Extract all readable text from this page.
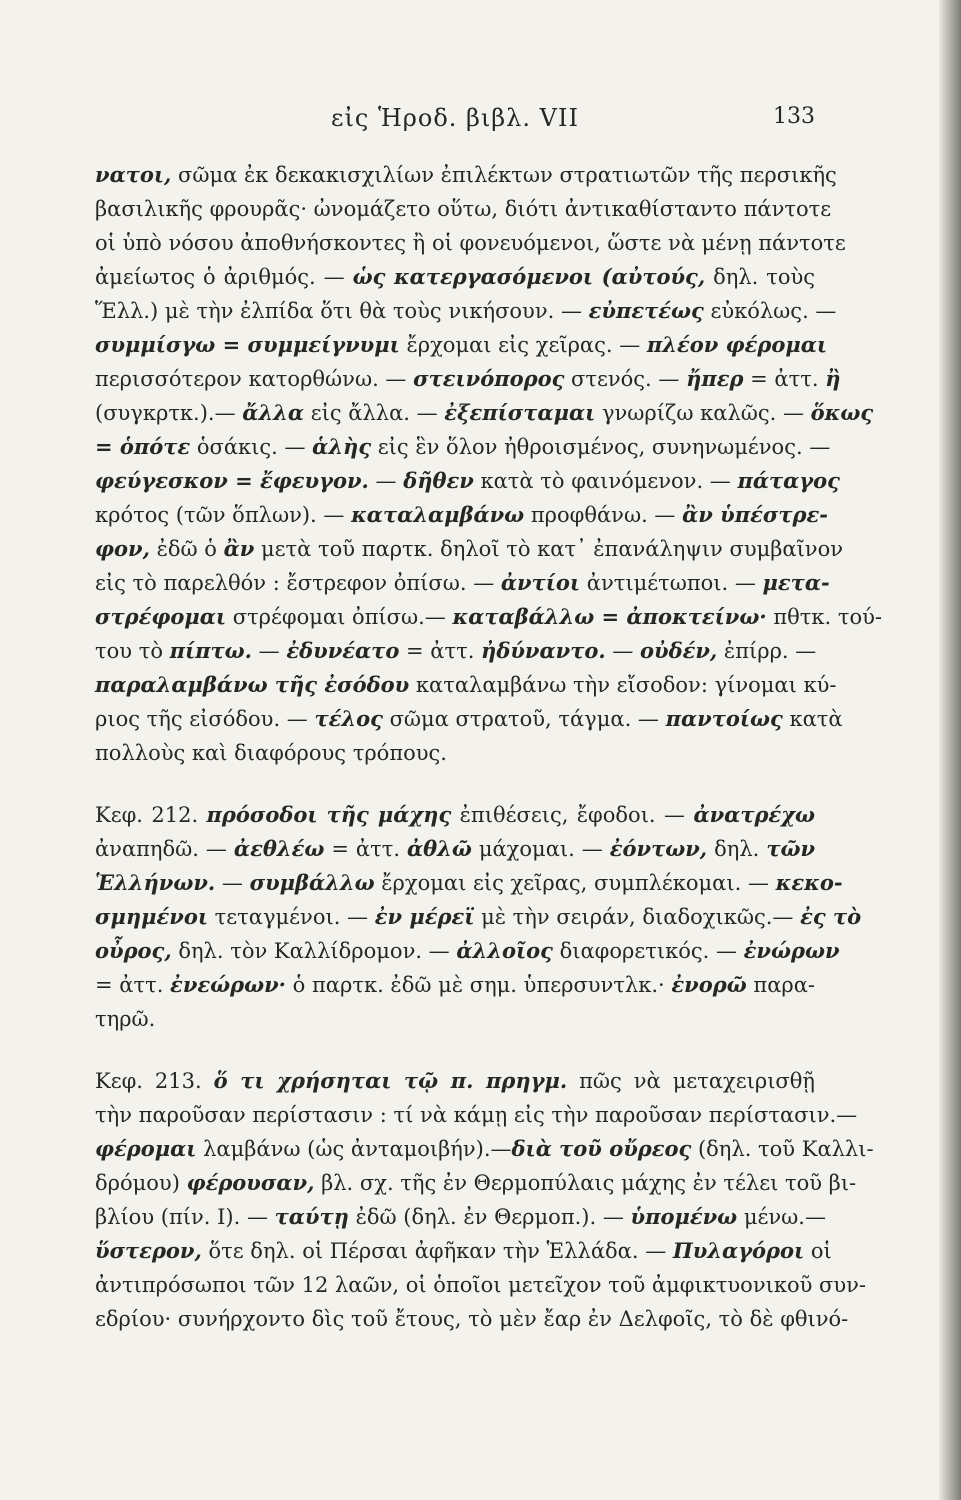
εἰς Ἡροδ. βιβλ. VII	133
νατοι, σῶμα ἐκ δεκακισχιλίων ἐπιλέκτων στρατιωτῶν τῆς περσικῆς
βασιλικῆς φρουρᾶς· ὠνομάζετο οὕτω, διότι ἀντικαθίσταντο πάντοτε
οἱ ὑπὸ νόσου ἀποθνήσκοντες ἢ οἱ φονευόμενοι, ὥστε νὰ μένῃ πάντοτε
ἀμείωτος ὁ ἀριθμός. — ὡς κατεργασόμενοι (αὐτούς, δηλ. τοὺς
Ἕλλ.) μὲ τὴν ἐλπίδα ὅτι θὰ τοὺς νικήσουν. — εὐπετέως εὐκόλως. —
συμμίσγω = συμμείγνυμι ἔρχομαι εἰς χεῖρας. — πλέον φέρομαι
περισσότερον κατορθώνω. — στεινόπορος στενός. — ἤπερ = ἀττ. ἢ
(συγκρτκ.).— ἄλλα εἰς ἄλλα. — ἐξεπίσταμαι γνωρίζω καλῶς. — ὅκως
= ὁπότε ὁσάκις. — ἁλὴς εἰς ἓν ὅλον ἠθροισμένος, συνηνωμένος. —
φεύγεσκον = ἔφευγον. — δῆθεν κατὰ τὸ φαινόμενον. — πάταγος
κρότος (τῶν ὅπλων). — καταλαμβάνω προφθάνω. — ἂν ὑπέστρε-
φον, ἐδῶ ὁ ἂν μετὰ τοῦ παρτκ. δηλοῖ τὸ κατ᾽ ἐπανάληψιν συμβαῖνον
εἰς τὸ παρελθόν : ἔστρεφον ὀπίσω. — ἀντίοι ἀντιμέτωποι. — μετα-
στρέφομαι στρέφομαι ὀπίσω.— καταβάλλω = ἀποκτείνω· πθτκ. τού-
του τὸ πίπτω. — ἐδυνέατο = ἀττ. ἠδύναντο. — οὐδέν, ἐπίρρ. —
παραλαμβάνω τῆς ἐσόδου καταλαμβάνω τὴν εἴσοδον: γίνομαι κύ-
ριος τῆς εἰσόδου. — τέλος σῶμα στρατοῦ, τάγμα. — παντοίως κατὰ
πολλοὺς καὶ διαφόρους τρόπους.
Κεφ. 212. πρόσοδοι τῆς μάχης ἐπιθέσεις, ἔφοδοι. — ἀνατρέχω
ἀναπηδῶ. — ἀεθλέω = ἀττ. ἀθλῶ μάχομαι. — ἐόντων, δηλ. τῶν
Ἑλλήνων. — συμβάλλω ἔρχομαι εἰς χεῖρας, συμπλέκομαι. — κεκο-
σμημένοι τεταγμένοι. — ἐν μέρεϊ μὲ τὴν σειράν, διαδοχικῶς.— ἐς τὸ
οὖρος, δηλ. τὸν Καλλίδρομον. — ἀλλοῖος διαφορετικός. — ἐνώρων
= ἀττ. ἐνεώρων· ὁ παρτκ. ἐδῶ μὲ σημ. ὑπερσυντλκ.· ἐνορῶ παρα-
τηρῶ.
Κεφ. 213. ὅ τι χρήσηται τῷ π. πρηγμ. πῶς νὰ μεταχειρισθῇ
τὴν παροῦσαν περίστασιν : τί νὰ κάμῃ εἰς τὴν παροῦσαν περίστασιν.—
φέρομαι λαμβάνω (ὡς ἀνταμοιβήν).—διὰ τοῦ οὔρεος (δηλ. τοῦ Καλλι-
δρόμου) φέρουσαν, βλ. σχ. τῆς ἐν Θερμοπύλαις μάχης ἐν τέλει τοῦ βι-
βλίου (πίν. I). — ταύτῃ ἐδῶ (δηλ. ἐν Θερμοπ.). — ὑπομένω μένω.—
ὕστερον, ὅτε δηλ. οἱ Πέρσαι ἀφῆκαν τὴν Ἑλλάδα. — Πυλαγόροι οἱ
ἀντιπρόσωποι τῶν 12 λαῶν, οἱ ὁποῖοι μετεῖχον τοῦ ἀμφικτυονικοῦ συν-
εδρίου· συνήρχοντο δὶς τοῦ ἔτους, τὸ μὲν ἔαρ ἐν Δελφοῖς, τὸ δὲ φθινό-
